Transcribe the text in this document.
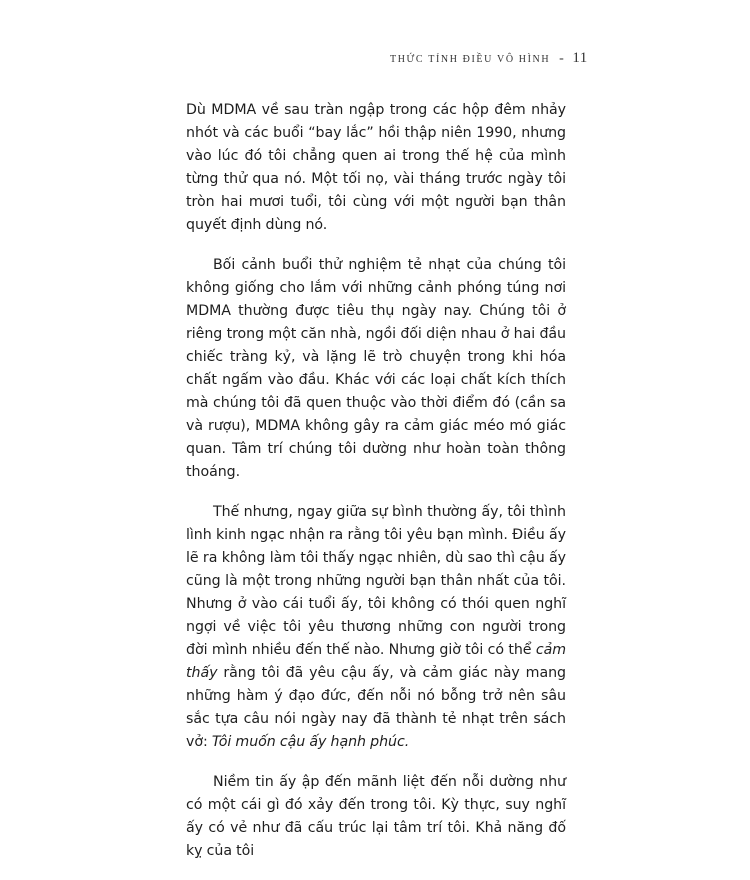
thức tỉnh điều vô hình - 11

Dù MDMA về sau tràn ngập trong các hộp đêm nhảy nhót và các buổi “bay lắc” hồi thập niên 1990, nhưng vào lúc đó tôi chẳng quen ai trong thế hệ của mình từng thử qua nó. Một tối nọ, vài tháng trước ngày tôi tròn hai mươi tuổi, tôi cùng với một người bạn thân quyết định dùng nó.

Bối cảnh buổi thử nghiệm tẻ nhạt của chúng tôi không giống cho lắm với những cảnh phóng túng nơi MDMA thường được tiêu thụ ngày nay. Chúng tôi ở riêng trong một căn nhà, ngồi đối diện nhau ở hai đầu chiếc tràng kỷ, và lặng lẽ trò chuyện trong khi hóa chất ngấm vào đầu. Khác với các loại chất kích thích mà chúng tôi đã quen thuộc vào thời điểm đó (cần sa và rượu), MDMA không gây ra cảm giác méo mó giác quan. Tâm trí chúng tôi dường như hoàn toàn thông thoáng.

Thế nhưng, ngay giữa sự bình thường ấy, tôi thình lình kinh ngạc nhận ra rằng tôi yêu bạn mình. Điều ấy lẽ ra không làm tôi thấy ngạc nhiên, dù sao thì cậu ấy cũng là một trong những người bạn thân nhất của tôi. Nhưng ở vào cái tuổi ấy, tôi không có thói quen nghĩ ngợi về việc tôi yêu thương những con người trong đời mình nhiều đến thế nào. Nhưng giờ tôi có thể cảm thấy rằng tôi đã yêu cậu ấy, và cảm giác này mang những hàm ý đạo đức, đến nỗi nó bỗng trở nên sâu sắc tựa câu nói ngày nay đã thành tẻ nhạt trên sách vở: Tôi muốn cậu ấy hạnh phúc.

Niềm tin ấy ập đến mãnh liệt đến nỗi dường như có một cái gì đó xảy đến trong tôi. Kỳ thực, suy nghĩ ấy có vẻ như đã cấu trúc lại tâm trí tôi. Khả năng đố kỵ của tôi
